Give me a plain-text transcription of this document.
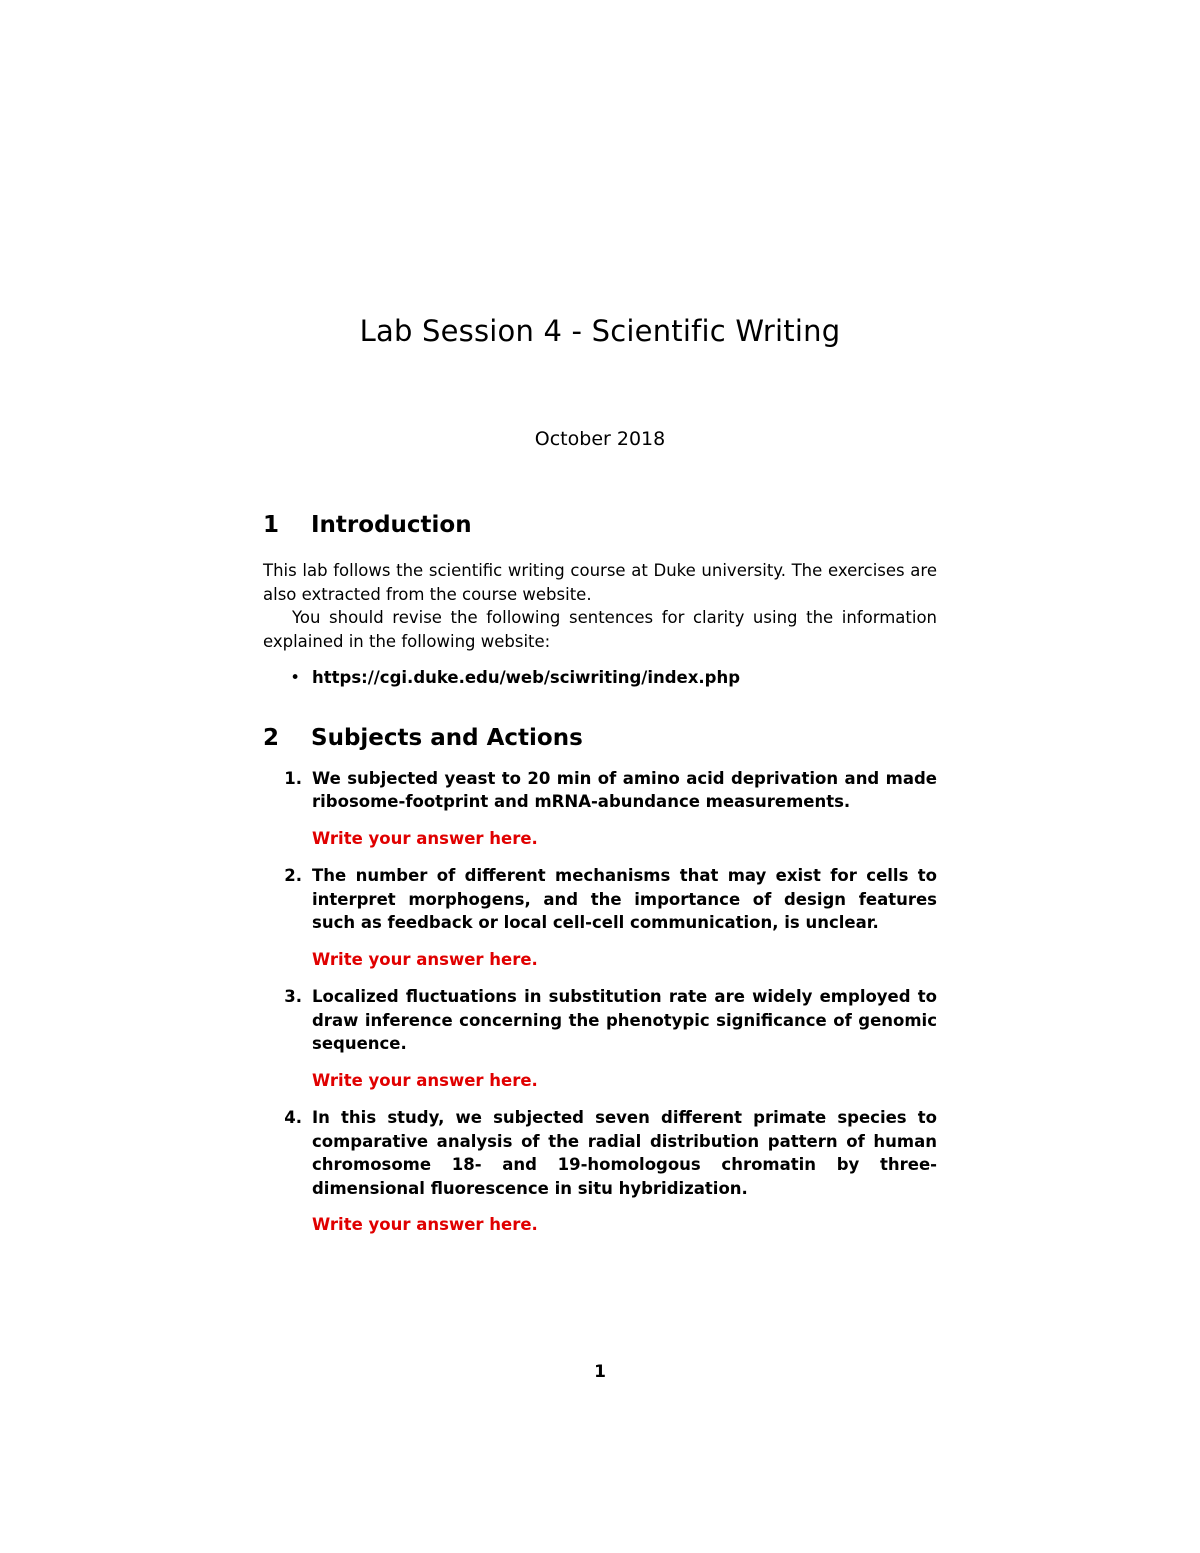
Lab Session 4 - Scientific Writing
October 2018
1	Introduction

This lab follows the scientific writing course at Duke university. The exercises are also extracted from the course website.

You should revise the following sentences for clarity using the information explained in the following website:

• https://cgi.duke.edu/web/sciwriting/index.php
2	Subjects and Actions
1. We subjected yeast to 20 min of amino acid deprivation and made ribosome-footprint and mRNA-abundance measurements.

Write your answer here.

2. The number of different mechanisms that may exist for cells to interpret morphogens, and the importance of design features such as feedback or local cell-cell communication, is unclear.

Write your answer here.

3. Localized fluctuations in substitution rate are widely employed to draw inference concerning the phenotypic significance of genomic sequence.

Write your answer here.

4. In this study, we subjected seven different primate species to comparative analysis of the radial distribution pattern of human chromosome 18- and 19-homologous chromatin by three-dimensional fluorescence in situ hybridization.

Write your answer here.

1
